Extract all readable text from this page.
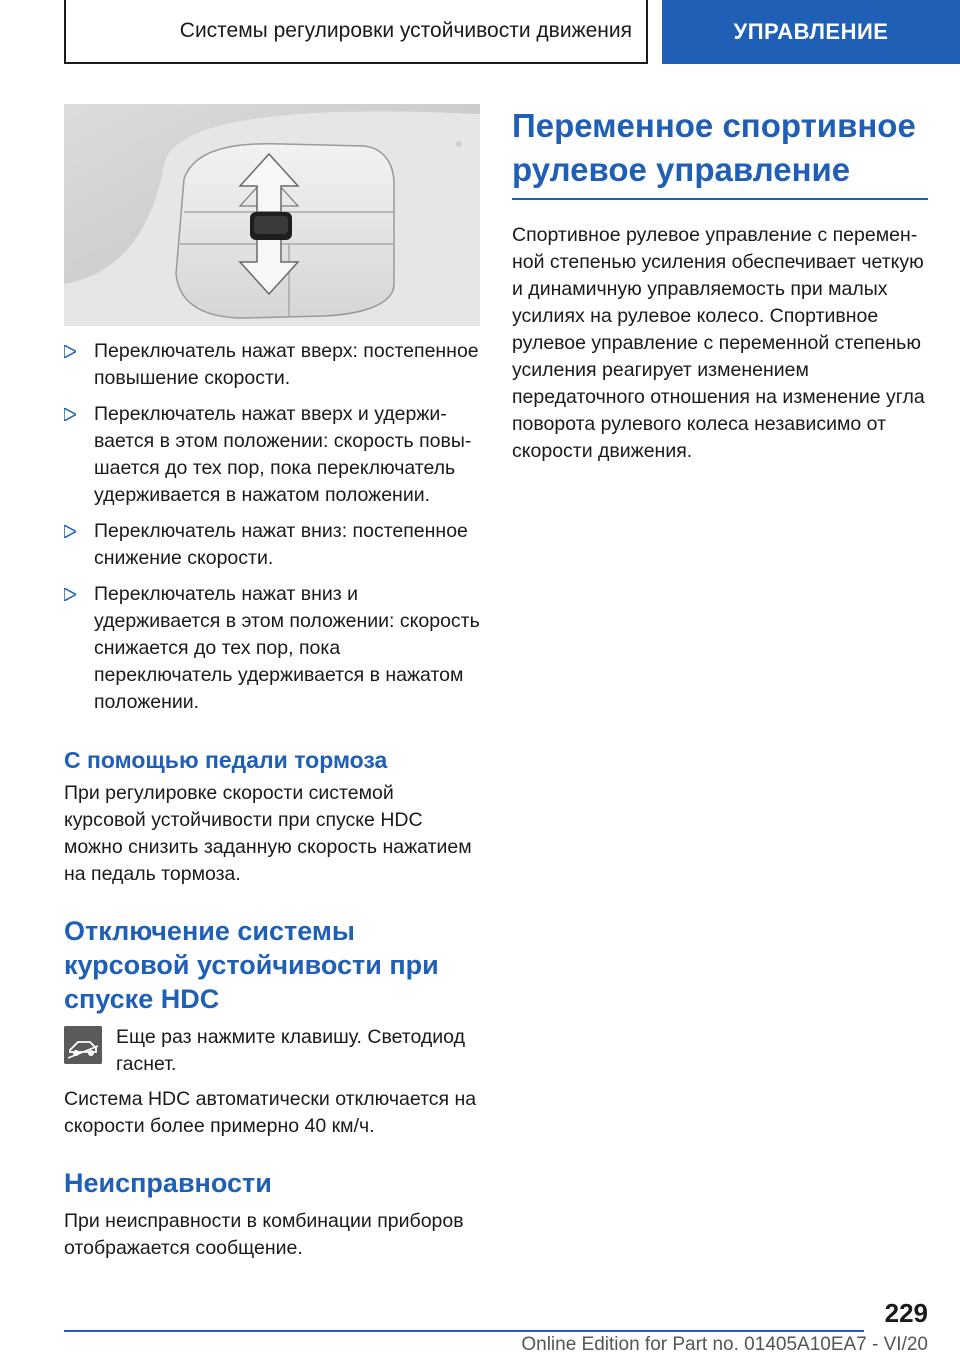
Системы регулировки устойчивости движения	УПРАВЛЕНИЕ
Переключатель нажат вверх: постепенное повышение скорости.
Переключатель нажат вверх и удерживается в этом положении: скорость повышается до тех пор, пока переключатель удерживается в нажатом положении.
Переключатель нажат вниз: постепенное снижение скорости.
Переключатель нажат вниз и удерживается в этом положении: скорость снижается до тех пор, пока переключатель удерживается в нажатом положении.
С помощью педали тормоза

При регулировке скорости системой курсовой устойчивости при спуске HDC можно снизить заданную скорость нажатием на педаль тормоза.

Отключение системы курсовой устойчивости при спуске HDC

Еще раз нажмите клавишу. Светодиод гаснет.

Система HDC автоматически отключается на скорости более примерно 40 км/ч.

Неисправности

При неисправности в комбинации приборов отображается сообщение.

Переменное спортивное рулевое управление

Спортивное рулевое управление с переменной степенью усиления обеспечивает четкую и динамичную управляемость при малых усилиях на рулевое колесо. Спортивное рулевое управление с переменной степенью усиления реагирует изменением передаточного отношения на изменение угла поворота рулевого колеса независимо от скорости движения.

229
Online Edition for Part no. 01405A10EA7 - VI/20
